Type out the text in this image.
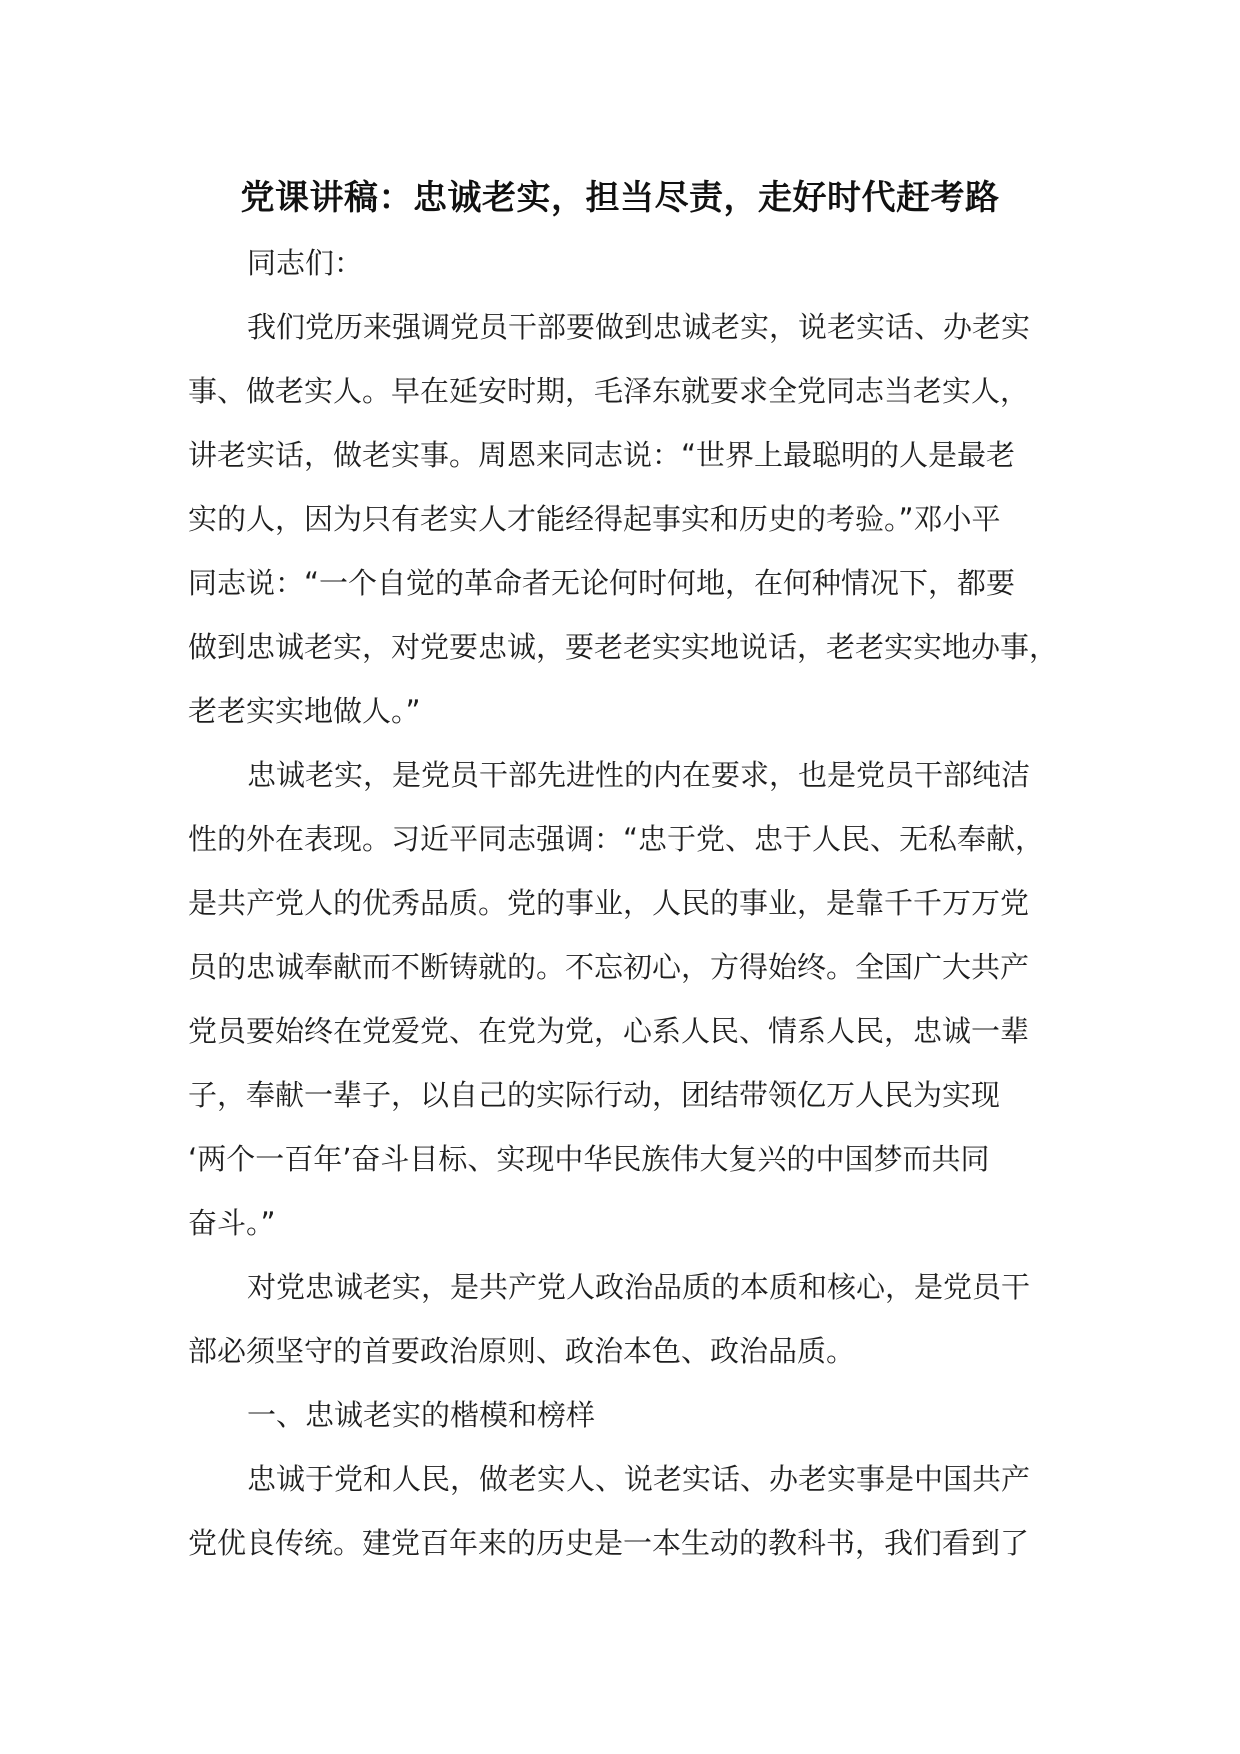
党课讲稿：忠诚老实，担当尽责，走好时代赶考路
同志们：
我们党历来强调党员干部要做到忠诚老实，说老实话、办老实
事、做老实人。早在延安时期，毛泽东就要求全党同志当老实人，
讲老实话，做老实事。周恩来同志说：“世界上最聪明的人是最老
实的人，因为只有老实人才能经得起事实和历史的考验。”邓小平
同志说：“一个自觉的革命者无论何时何地，在何种情况下，都要
做到忠诚老实，对党要忠诚，要老老实实地说话，老老实实地办事，
老老实实地做人。”
忠诚老实，是党员干部先进性的内在要求，也是党员干部纯洁
性的外在表现。习近平同志强调：“忠于党、忠于人民、无私奉献，
是共产党人的优秀品质。党的事业，人民的事业，是靠千千万万党
员的忠诚奉献而不断铸就的。不忘初心，方得始终。全国广大共产
党员要始终在党爱党、在党为党，心系人民、情系人民，忠诚一辈
子，奉献一辈子，以自己的实际行动，团结带领亿万人民为实现
‘两个一百年’奋斗目标、实现中华民族伟大复兴的中国梦而共同
奋斗。”
对党忠诚老实，是共产党人政治品质的本质和核心，是党员干
部必须坚守的首要政治原则、政治本色、政治品质。
一、忠诚老实的楷模和榜样
忠诚于党和人民，做老实人、说老实话、办老实事是中国共产
党优良传统。建党百年来的历史是一本生动的教科书，我们看到了
